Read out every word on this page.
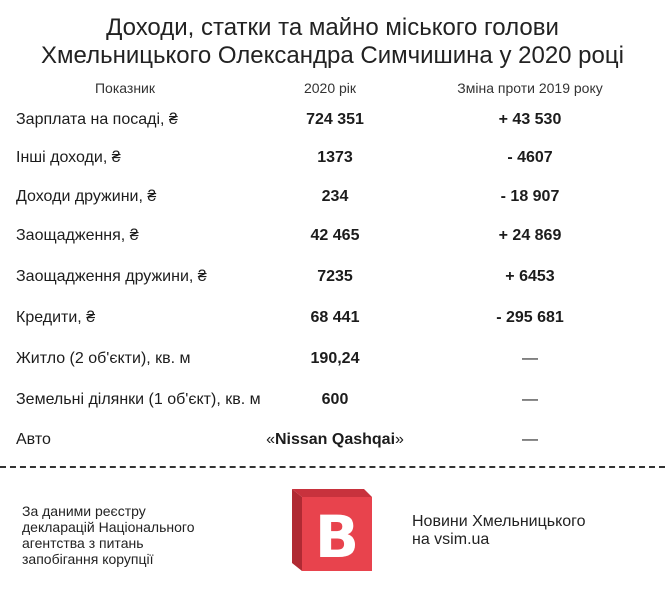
Доходи, статки та майно міського голови
Хмельницького Олександра Симчишина у 2020 році
Показник	2020 рік	Зміна проти 2019 року
Зарплата на посаді, ₴	724 351	+ 43 530
Інші доходи, ₴	1373	- 4607
Доходи дружини, ₴	234	- 18 907
Заощадження, ₴	42 465	+ 24 869
Заощадження дружини, ₴	7235	+ 6453
Кредити, ₴	68 441	- 295 681
Житло (2 об'єкти), кв. м	190,24	—
Земельні ділянки (1 об'єкт), кв. м	600	—
Авто	«Nissan Qashqai»	—
За даними реєстру
декларацій Національного
агентства з питань
запобігання корупції	B	Новини Хмельницького
на vsim.ua
